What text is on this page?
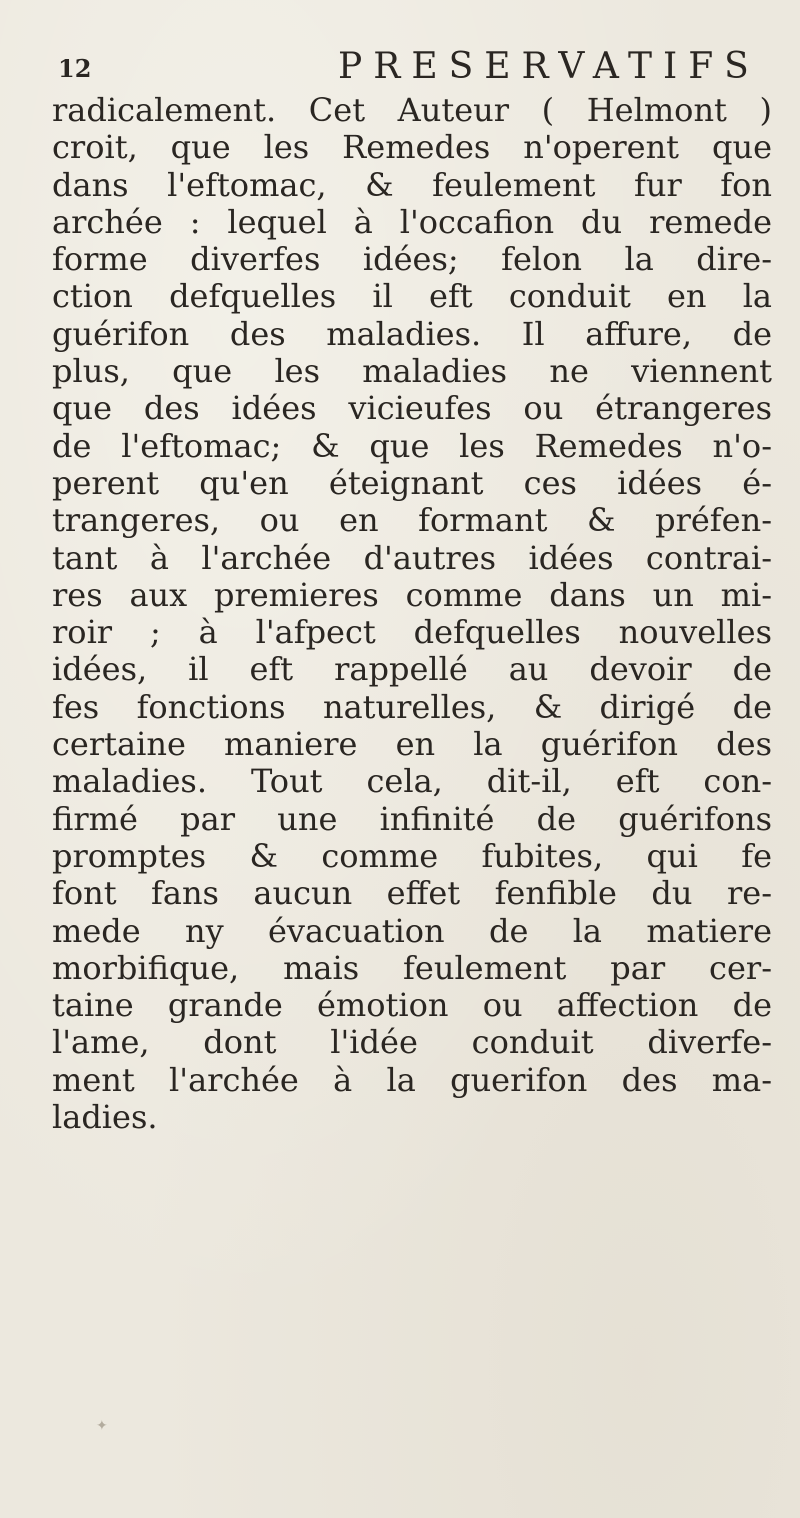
12	PRESERVATIFS
radicalement. Cet Auteur ( Helmont )
croit, que les Remedes n'operent que
dans l'eftomac, & feulement fur fon
archée : lequel à l'occafion du remede
forme diverfes idées; felon la dire-
ction defquelles il eft conduit en la
guérifon des maladies. Il affure, de
plus, que les maladies ne viennent
que des idées vicieufes ou étrangeres
de l'eftomac; & que les Remedes n'o-
perent qu'en éteignant ces idées é-
trangeres, ou en formant & préfen-
tant à l'archée d'autres idées contrai-
res aux premieres comme dans un mi-
roir ; à l'afpect defquelles nouvelles
idées, il eft rappellé au devoir de
fes fonctions naturelles, & dirigé de
certaine maniere en la guérifon des
maladies. Tout cela, dit-il, eft con-
firmé par une infinité de guérifons
promptes & comme fubites, qui fe
font fans aucun effet fenfible du re-
mede ny évacuation de la matiere
morbifique, mais feulement par cer-
taine grande émotion ou affection de
l'ame, dont l'idée conduit diverfe-
ment l'archée à la guerifon des ma-
ladies.
✦
